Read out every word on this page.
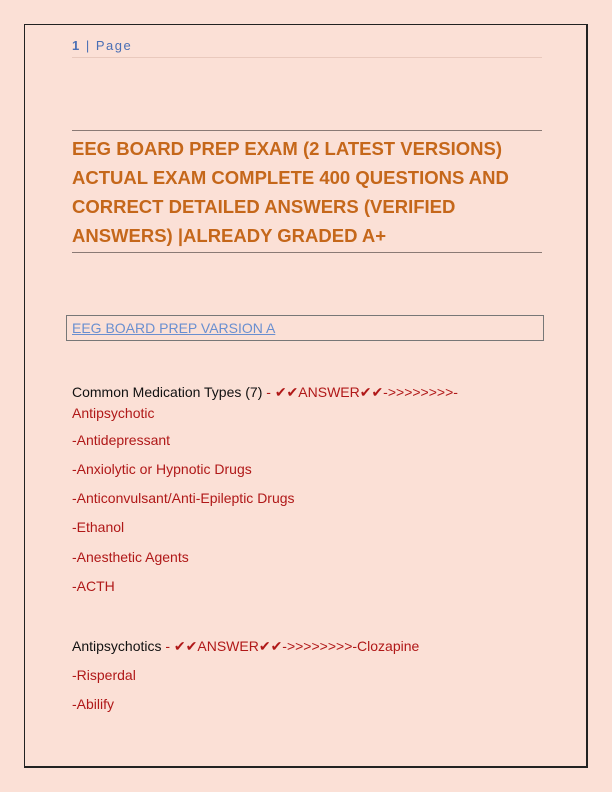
1 | Page

EEG BOARD PREP EXAM (2 LATEST VERSIONS) ACTUAL EXAM COMPLETE 400 QUESTIONS AND CORRECT DETAILED ANSWERS (VERIFIED ANSWERS) |ALREADY GRADED A+

EEG BOARD PREP VARSION A
Common Medication Types (7) - ✔✔ANSWER✔✔->>>>>>>>-
Antipsychotic
-Antidepressant
-Anxiolytic or Hypnotic Drugs
-Anticonvulsant/Anti-Epileptic Drugs
-Ethanol
-Anesthetic Agents
-ACTH
Antipsychotics - ✔✔ANSWER✔✔->>>>>>>>-Clozapine
-Risperdal
-Abilify
